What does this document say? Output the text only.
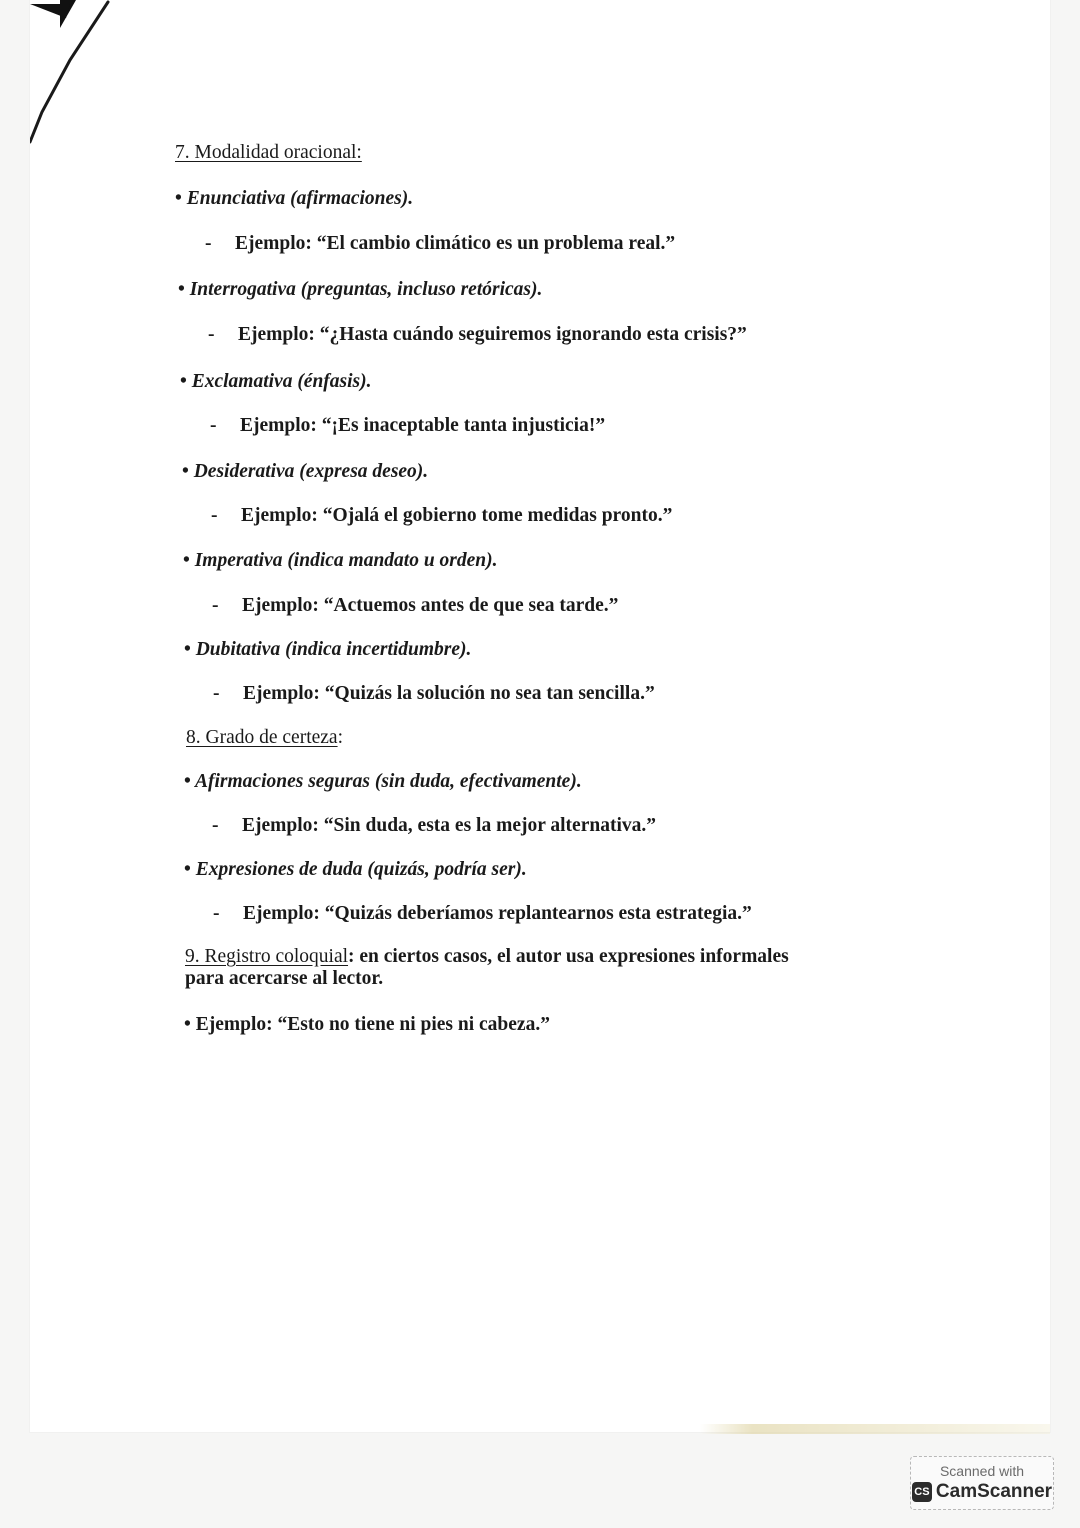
7. Modalidad oracional:
• Enunciativa (afirmaciones).
- Ejemplo: “El cambio climático es un problema real.”
• Interrogativa (preguntas, incluso retóricas).
- Ejemplo: “¿Hasta cuándo seguiremos ignorando esta crisis?”
• Exclamativa (énfasis).
- Ejemplo: “¡Es inaceptable tanta injusticia!”
• Desiderativa (expresa deseo).
- Ejemplo: “Ojalá el gobierno tome medidas pronto.”
• Imperativa (indica mandato u orden).
- Ejemplo: “Actuemos antes de que sea tarde.”
• Dubitativa (indica incertidumbre).
- Ejemplo: “Quizás la solución no sea tan sencilla.”
8. Grado de certeza:
• Afirmaciones seguras (sin duda, efectivamente).
- Ejemplo: “Sin duda, esta es la mejor alternativa.”
• Expresiones de duda (quizás, podría ser).
- Ejemplo: “Quizás deberíamos replantearnos esta estrategia.”
9. Registro coloquial: en ciertos casos, el autor usa expresiones informales para acercarse al lector.
• Ejemplo: “Esto no tiene ni pies ni cabeza.”
Scanned with
CS CamScanner
